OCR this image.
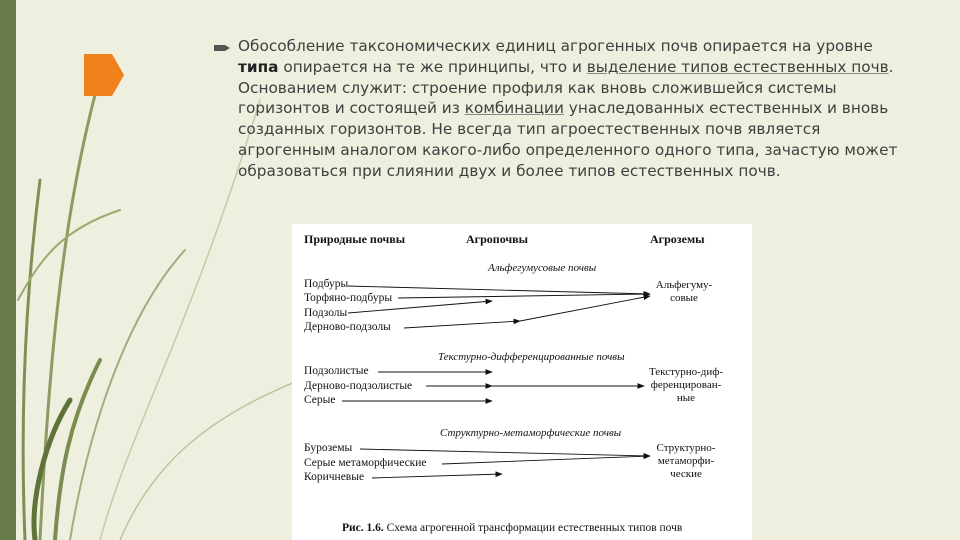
Обособление таксономических единиц агрогенных почв опирается на уровне типа опирается на те же принципы, что и выделение типов естественных почв. Основанием служит: строение профиля как вновь сложившейся системы горизонтов и состоящей из комбинации унаследованных естественных и вновь созданных горизонтов. Не всегда тип агроестественных почв является агрогенным аналогом какого-либо определенного одного типа, зачастую может образоваться при слиянии двух и более типов естественных почв.
Природные почвы	Агропочвы	Агроземы
Альфегумусовые почвы
Подбуры
Торфяно-подбуры
Подзолы
Дерново-подзолы
Альфегуму-
совые
Текстурно-дифференцированные почвы
Подзолистые
Дерново-подзолистые
Серые
Текстурно-диф-
ференцирован-
ные
Структурно-метаморфические почвы
Буроземы
Серые метаморфические
Коричневые
Структурно-
метаморфи-
ческие
Рис. 1.6. Схема агрогенной трансформации естественных типов почв
